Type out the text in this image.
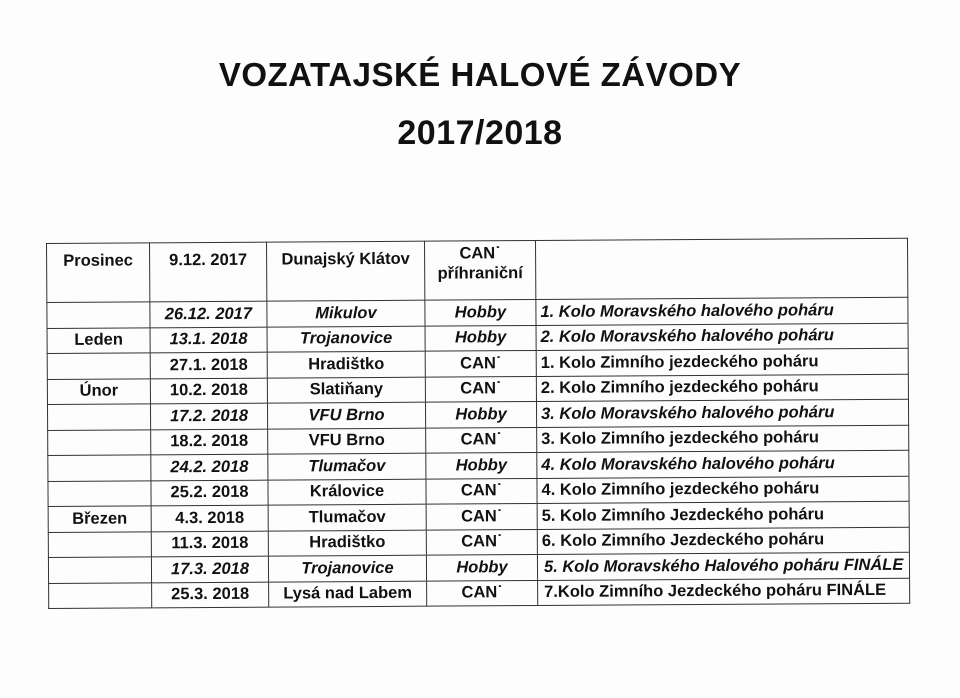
VOZATAJSKÉ HALOVÉ ZÁVODY
2017/2018
Prosinec	9.12. 2017	Dunajský Klátov	CAN˙ příhraniční	
	26.12. 2017	Mikulov	Hobby	1. Kolo Moravského halového poháru
Leden	13.1. 2018	Trojanovice	Hobby	2. Kolo Moravského halového poháru
	27.1. 2018	Hradištko	CAN˙	1. Kolo Zimního jezdeckého poháru
Únor	10.2. 2018	Slatiňany	CAN˙	2. Kolo Zimního jezdeckého poháru
	17.2. 2018	VFU Brno	Hobby	3. Kolo Moravského halového poháru
	18.2. 2018	VFU Brno	CAN˙	3. Kolo Zimního jezdeckého poháru
	24.2. 2018	Tlumačov	Hobby	4. Kolo Moravského halového poháru
	25.2. 2018	Královice	CAN˙	4. Kolo Zimního jezdeckého poháru
Březen	4.3. 2018	Tlumačov	CAN˙	5. Kolo Zimního Jezdeckého poháru
	11.3. 2018	Hradištko	CAN˙	6. Kolo Zimního Jezdeckého poháru
	17.3. 2018	Trojanovice	Hobby	5. Kolo Moravského Halového poháru FINÁLE
	25.3. 2018	Lysá nad Labem	CAN˙	7.Kolo Zimního Jezdeckého poháru FINÁLE
